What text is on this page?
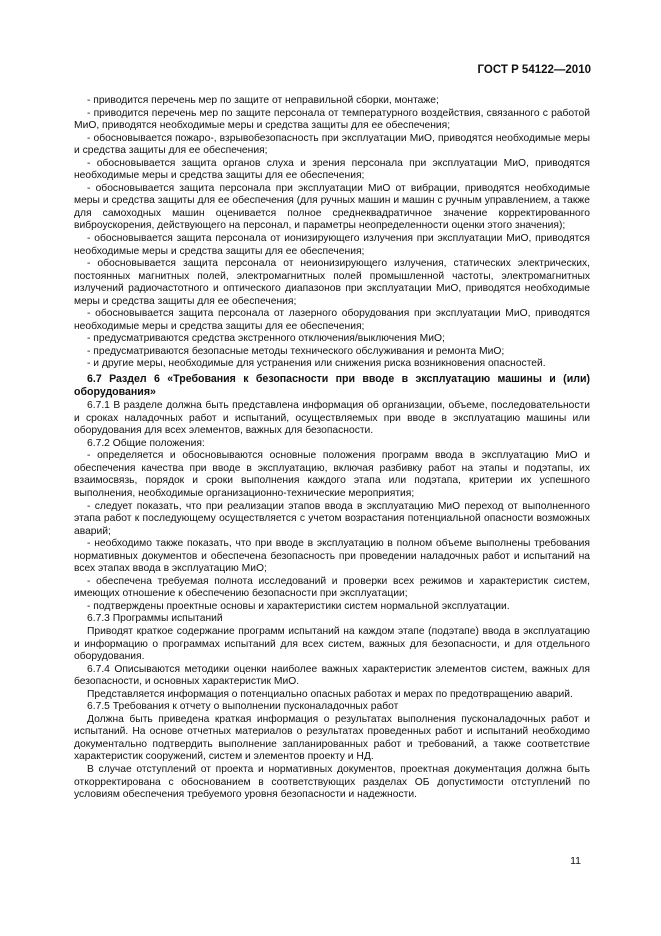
ГОСТ Р 54122—2010

- приводится перечень мер по защите от неправильной сборки, монтаже;

- приводится перечень мер по защите персонала от температурного воздействия, связанного с работой МиО, приводятся необходимые меры и средства защиты для ее обеспечения;

- обосновывается пожаро-, взрывобезопасность при эксплуатации МиО, приводятся необходимые меры и средства защиты для ее обеспечения;

- обосновывается защита органов слуха и зрения персонала при эксплуатации МиО, приводятся необходимые меры и средства защиты для ее обеспечения;

- обосновывается защита персонала при эксплуатации МиО от вибрации, приводятся необходимые меры и средства защиты для ее обеспечения (для ручных машин и машин с ручным управлением, а также для самоходных машин оценивается полное среднеквадратичное значение корректированного виброускорения, действующего на персонал, и параметры неопределенности оценки этого значения);

- обосновывается защита персонала от ионизирующего излучения при эксплуатации МиО, приводятся необходимые меры и средства защиты для ее обеспечения;

- обосновывается защита персонала от неионизирующего излучения, статических электрических, постоянных магнитных полей, электромагнитных полей промышленной частоты, электромагнитных излучений радиочастотного и оптического диапазонов при эксплуатации МиО, приводятся необходимые меры и средства защиты для ее обеспечения;

- обосновывается защита персонала от лазерного оборудования при эксплуатации МиО, приводятся необходимые меры и средства защиты для ее обеспечения;

- предусматриваются средства экстренного отключения/выключения МиО;

- предусматриваются безопасные методы технического обслуживания и ремонта МиО;

- и другие меры, необходимые для устранения или снижения риска возникновения опасностей.

6.7 Раздел 6 «Требования к безопасности при вводе в эксплуатацию машины и (или) оборудования»

6.7.1 В разделе должна быть представлена информация об организации, объеме, последовательности и сроках наладочных работ и испытаний, осуществляемых при вводе в эксплуатацию машины или оборудования для всех элементов, важных для безопасности.

6.7.2 Общие положения:

- определяется и обосновываются основные положения программ ввода в эксплуатацию МиО и обеспечения качества при вводе в эксплуатацию, включая разбивку работ на этапы и подэтапы, их взаимосвязь, порядок и сроки выполнения каждого этапа или подэтапа, критерии их успешного выполнения, необходимые организационно-технические мероприятия;

- следует показать, что при реализации этапов ввода в эксплуатацию МиО переход от выполненного этапа работ к последующему осуществляется с учетом возрастания потенциальной опасности возможных аварий;

- необходимо также показать, что при вводе в эксплуатацию в полном объеме выполнены требования нормативных документов и обеспечена безопасность при проведении наладочных работ и испытаний на всех этапах ввода в эксплуатацию МиО;

- обеспечена требуемая полнота исследований и проверки всех режимов и характеристик систем, имеющих отношение к обеспечению безопасности при эксплуатации;

- подтверждены проектные основы и характеристики систем нормальной эксплуатации.

6.7.3 Программы испытаний

Приводят краткое содержание программ испытаний на каждом этапе (подэтапе) ввода в эксплуатацию и информацию о программах испытаний для всех систем, важных для безопасности, и для отдельного оборудования.

6.7.4 Описываются методики оценки наиболее важных характеристик элементов систем, важных для безопасности, и основных характеристик МиО.

Представляется информация о потенциально опасных работах и мерах по предотвращению аварий.

6.7.5 Требования к отчету о выполнении пусконаладочных работ

Должна быть приведена краткая информация о результатах выполнения пусконаладочных работ и испытаний. На основе отчетных материалов о результатах проведенных работ и испытаний необходимо документально подтвердить выполнение запланированных работ и требований, а также соответствие характеристик сооружений, систем и элементов проекту и НД.

В случае отступлений от проекта и нормативных документов, проектная документация должна быть откорректирована с обоснованием в соответствующих разделах ОБ допустимости отступлений по условиям обеспечения требуемого уровня безопасности и надежности.

11
